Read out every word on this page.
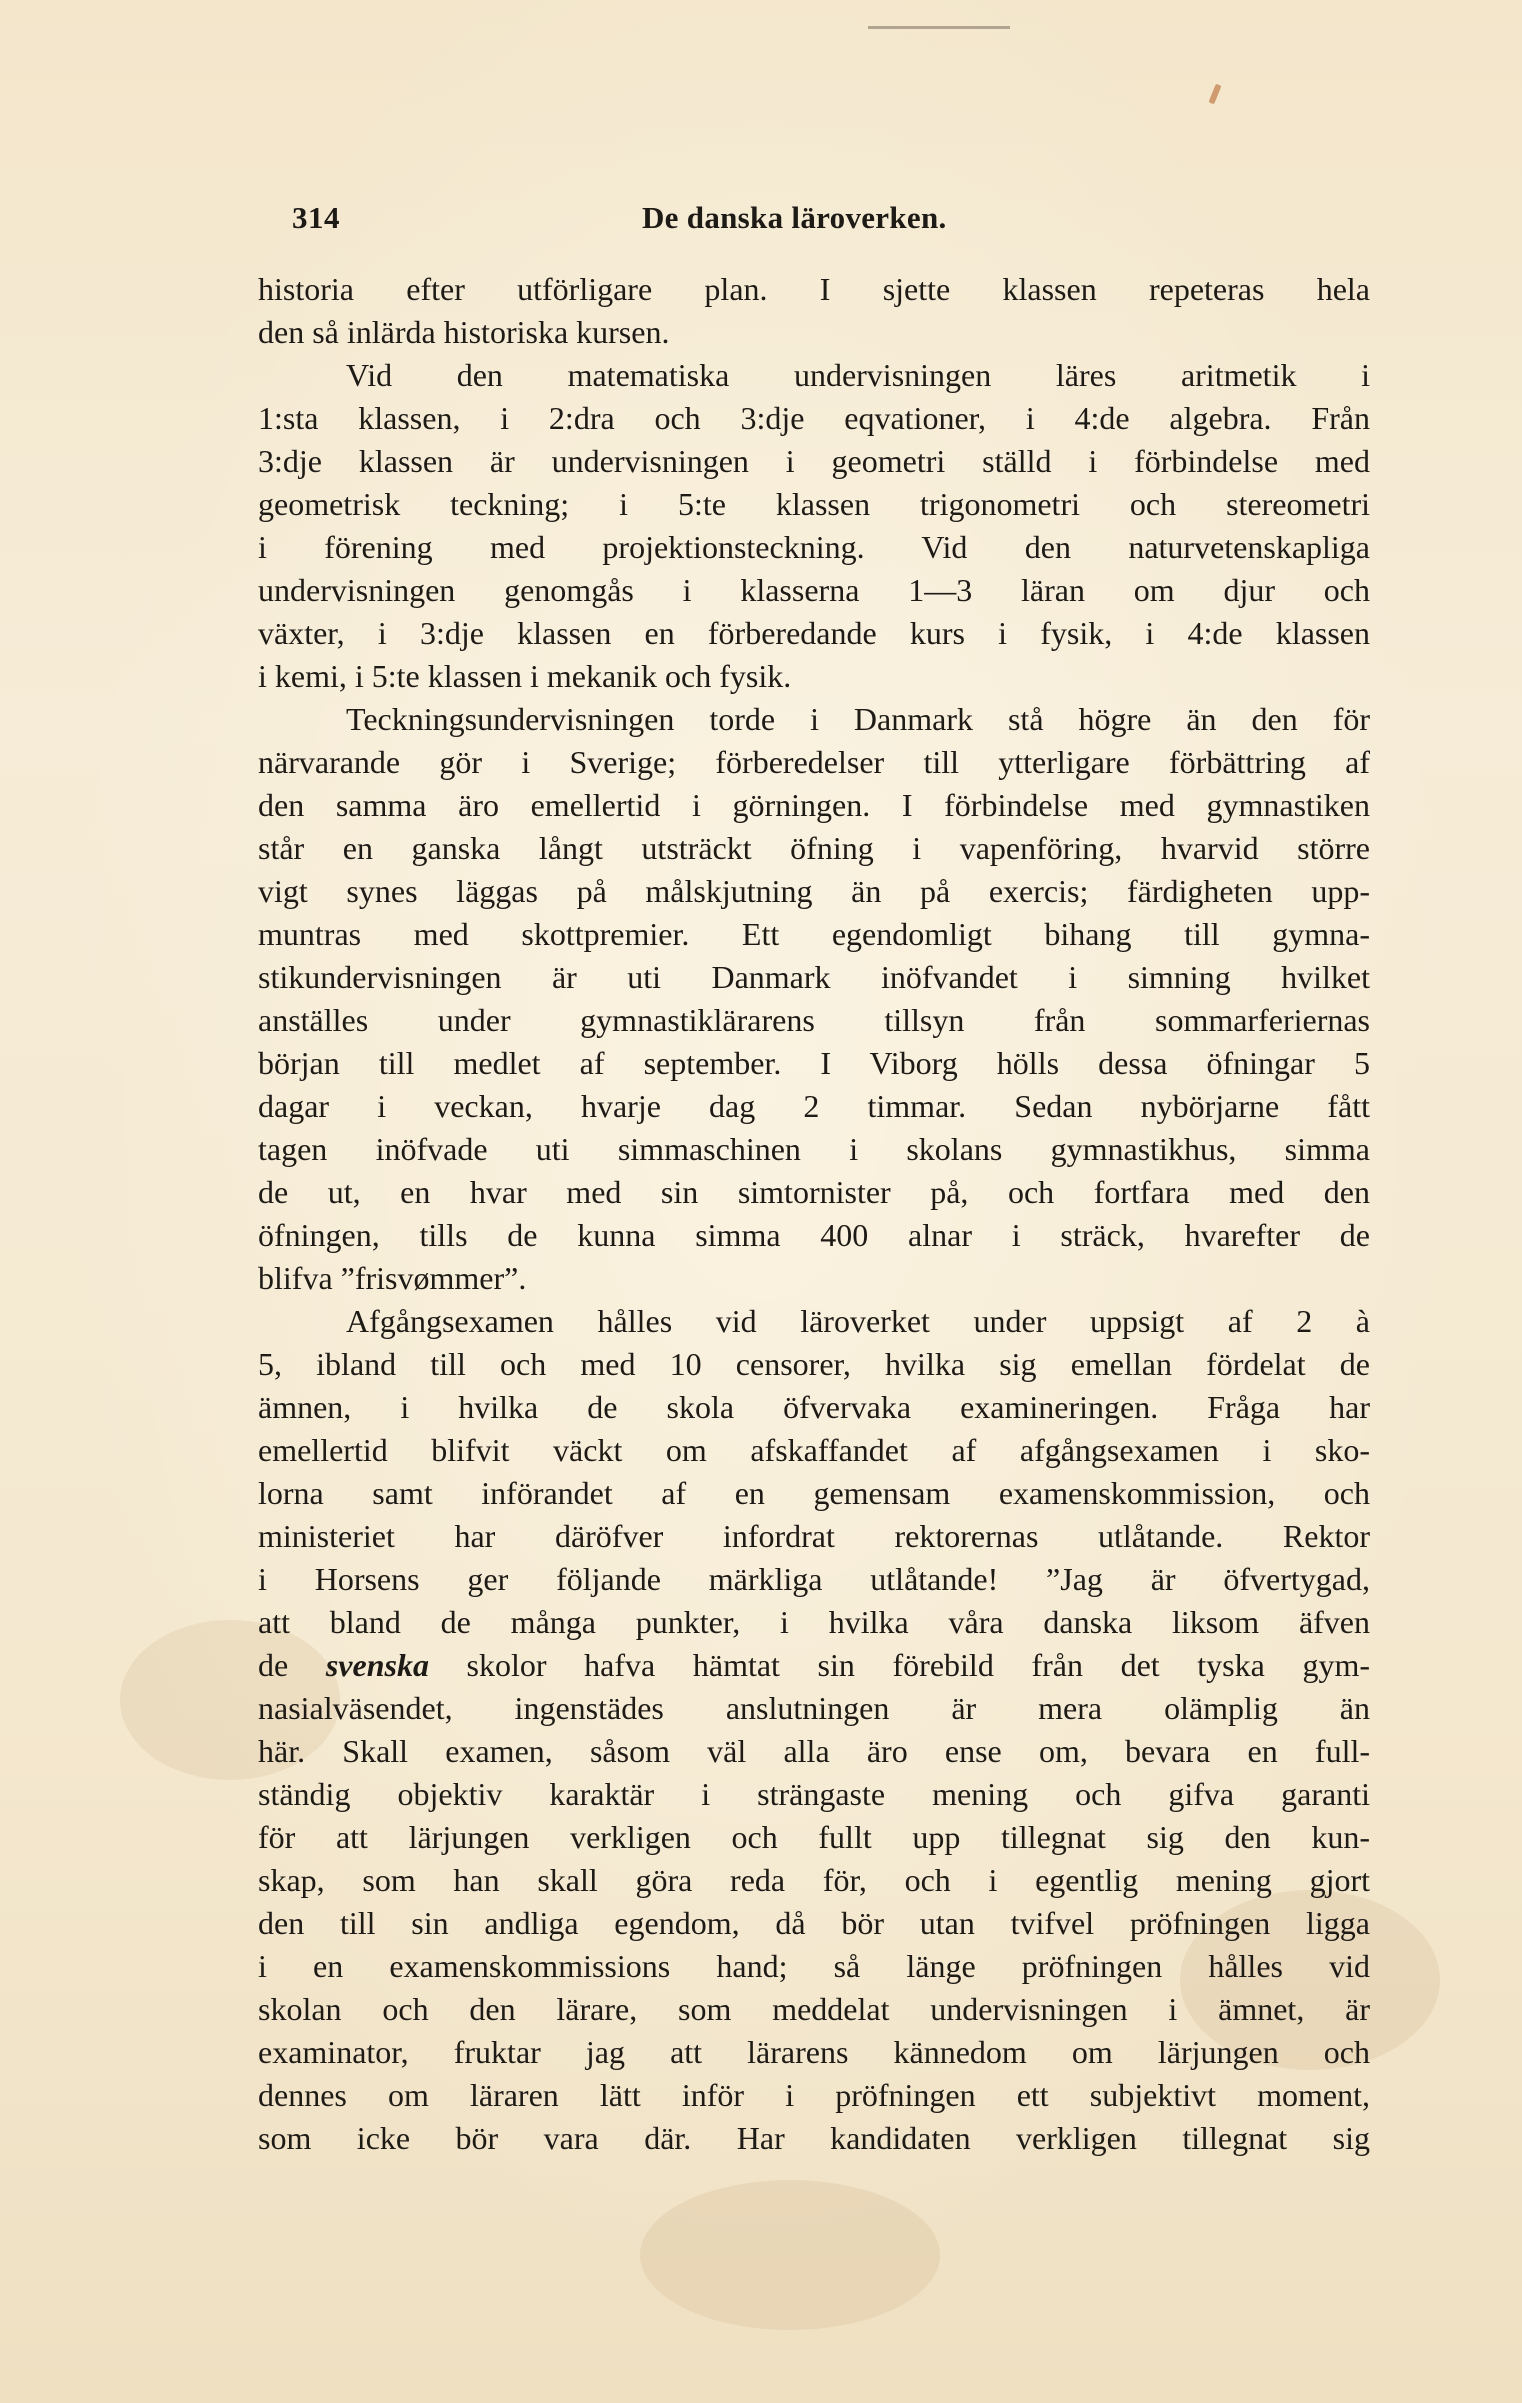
314	De danska läroverken.
historia efter utförligare plan. I sjette klassen repeteras hela
den så inlärda historiska kursen.
Vid den matematiska undervisningen läres aritmetik i
1:sta klassen, i 2:dra och 3:dje eqvationer, i 4:de algebra. Från
3:dje klassen är undervisningen i geometri ställd i förbindelse med
geometrisk teckning; i 5:te klassen trigonometri och stereometri
i förening med projektionsteckning. Vid den naturvetenskapliga
undervisningen genomgås i klasserna 1—3 läran om djur och
växter, i 3:dje klassen en förberedande kurs i fysik, i 4:de klassen
i kemi, i 5:te klassen i mekanik och fysik.
Teckningsundervisningen torde i Danmark stå högre än den för
närvarande gör i Sverige; förberedelser till ytterligare förbättring af
den samma äro emellertid i görningen. I förbindelse med gymnastiken
står en ganska långt utsträckt öfning i vapenföring, hvarvid större
vigt synes läggas på målskjutning än på exercis; färdigheten upp-
muntras med skottpremier. Ett egendomligt bihang till gymna-
stikundervisningen är uti Danmark inöfvandet i simning hvilket
anställes under gymnastiklärarens tillsyn från sommarferiernas
början till medlet af september. I Viborg hölls dessa öfningar 5
dagar i veckan, hvarje dag 2 timmar. Sedan nybörjarne fått
tagen inöfvade uti simmaschinen i skolans gymnastikhus, simma
de ut, en hvar med sin simtornister på, och fortfara med den
öfningen, tills de kunna simma 400 alnar i sträck, hvarefter de
blifva ”frisvømmer”.
Afgångsexamen hålles vid läroverket under uppsigt af 2 à
5, ibland till och med 10 censorer, hvilka sig emellan fördelat de
ämnen, i hvilka de skola öfvervaka examineringen. Fråga har
emellertid blifvit väckt om afskaffandet af afgångsexamen i sko-
lorna samt införandet af en gemensam examenskommission, och
ministeriet har däröfver infordrat rektorernas utlåtande. Rektor
i Horsens ger följande märkliga utlåtande! ”Jag är öfvertygad,
att bland de många punkter, i hvilka våra danska liksom äfven
de svenska skolor hafva hämtat sin förebild från det tyska gym-
nasialväsendet, ingenstädes anslutningen är mera olämplig än
här. Skall examen, såsom väl alla äro ense om, bevara en full-
ständig objektiv karaktär i strängaste mening och gifva garanti
för att lärjungen verkligen och fullt upp tillegnat sig den kun-
skap, som han skall göra reda för, och i egentlig mening gjort
den till sin andliga egendom, då bör utan tvifvel pröfningen ligga
i en examenskommissions hand; så länge pröfningen hålles vid
skolan och den lärare, som meddelat undervisningen i ämnet, är
examinator, fruktar jag att lärarens kännedom om lärjungen och
dennes om läraren lätt inför i pröfningen ett subjektivt moment,
som icke bör vara där. Har kandidaten verkligen tillegnat sig
